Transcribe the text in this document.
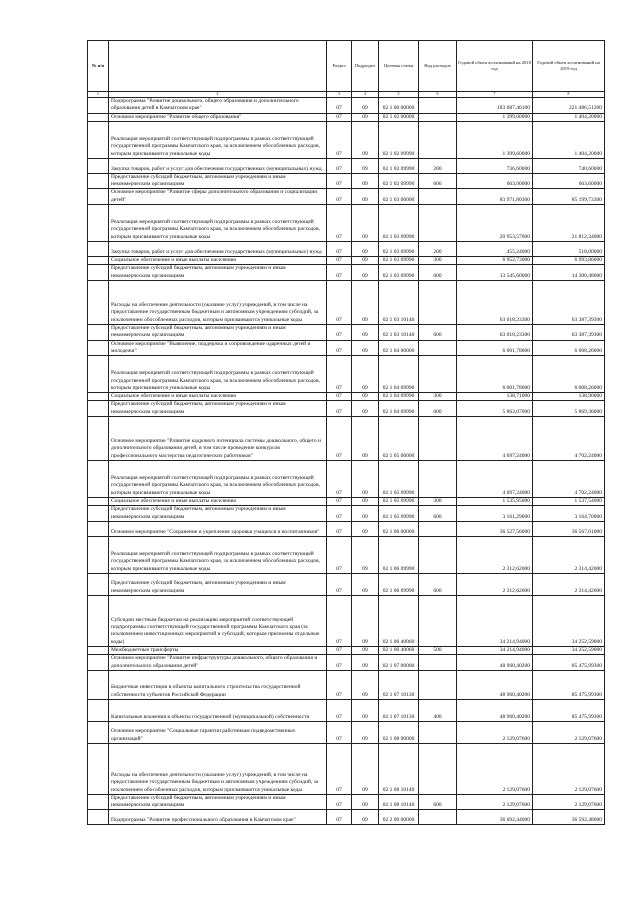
№ п/п		Раздел	Подраздел	Целевая статья	Вид расходов	Годовой объем ассигнований на 2018 год	Годовой объем ассигнований на 2019 год
1	2	3	4	5	6	7	8
	Подпрограмма "Развитие дошкольного, общего образования и дополнительного образования детей в Камчатском крае"	07	09	02 1 00 00000		183 687,46100	221 486,51200
	Основное мероприятие "Развитие общего образования"	07	09	02 1 02 00000		1 399,60000	1 404,20000
	Реализация мероприятий соответствующей подпрограммы в рамках соответствующей государственной программы Камчатского края, за исключением обособленных расходов, которым присваиваются уникальные коды	07	09	02 1 02 09990		1 399,60000	1 404,20000
	Закупка товаров, работ и услуг для обеспечения государственных (муниципальных) нужд	07	09	02 1 02 09990	200	736,60000	740,60000
	Предоставление субсидий бюджетным, автономным учреждениям и иным некоммерческим организациям	07	09	02 1 02 09990	600	663,00000	663,60000
	Основное мероприятие "Развитие сферы дополнительного образования и социализации детей"	07	09	02 1 03 00000		83 971,80300	85 199,73300
	Реализация мероприятий соответствующей подпрограммы в рамках соответствующей государственной программы Камчатского края, за исключением обособленных расходов, которым присваиваются уникальные коды	07	09	02 1 03 09990		20 953,57000	21 812,34000
	Закупка товаров, работ и услуг для обеспечения государственных (муниципальных) нужд	07	09	02 1 03 09990	200	455,24000	518,00000
	Социальное обеспечение и иные выплаты населению	07	09	02 1 03 09990	300	6 952,73000	6 993,86000
	Предоставление субсидий бюджетным, автономным учреждениям и иным некоммерческим организациям	07	09	02 1 03 09990	600	13 545,60000	14 300,48000
	Расходы на обеспечение деятельности (оказание услуг) учреждений, в том числе на предоставление государственным бюджетным и автономным учреждениям субсидий, за исключением обособленных расходов, которым присваиваются уникальные коды	07	09	02 1 03 10140		63 018,23300	63 387,39300
	Предоставление субсидий бюджетным, автономным учреждениям и иным некоммерческим организациям	07	09	02 1 03 10140	600	63 018,23300	63 387,39300
	Основное мероприятие "Выявление, поддержка и сопровождение одаренных детей и молодежи"	07	09	02 1 04 00000		6 001,78000	6 008,26000
	Реализация мероприятий соответствующей подпрограммы в рамках соответствующей государственной программы Камчатского края, за исключением обособленных расходов, которым присваиваются уникальные коды	07	09	02 1 04 09990		6 001,78000	6 008,26000
	Социальное обеспечение и иные выплаты населению	07	09	02 1 04 09990	300	138,71000	138,90000
	Предоставление субсидий бюджетным, автономным учреждениям и иным некоммерческим организациям	07	09	02 1 04 09990	600	5 863,07000	5 869,36000
	Основное мероприятие "Развитие кадрового потенциала системы дошкольного, общего и дополнительного образования детей, в том числе проведение конкурсов профессионального мастерства педагогических работников"	07	09	02 1 05 00000		4 697,24000	4 702,24000
	Реализация мероприятий соответствующей подпрограммы в рамках соответствующей государственной программы Камчатского края, за исключением обособленных расходов, которым присваиваются уникальные коды	07	09	02 1 05 09990		4 697,24000	4 702,24000
	Социальное обеспечение и иные выплаты населению	07	09	02 1 05 09990	300	1 535,95000	1 537,54000
	Предоставление субсидий бюджетным, автономным учреждениям и иным некоммерческим организациям	07	09	02 1 05 09990	600	3 161,29000	3 164,70000
	Основное мероприятие "Сохранение и укрепление здоровья учащихся и воспитанников"	07	09	02 1 06 00000		36 527,56000	36 567,01000
	Реализация мероприятий соответствующей подпрограммы в рамках соответствующей государственной программы Камчатского края, за исключением обособленных расходов, которым присваиваются уникальные коды	07	09	02 1 06 09990		2 312,62000	2 314,42000
	Предоставление субсидий бюджетным, автономным учреждениям и иным некоммерческим организациям	07	09	02 1 06 09990	600	2 312,62000	2 314,42000
	Субсидии местным бюджетам на реализацию мероприятий соответствующей подпрограммы соответствующей государственной программы Камчатского края (за исключением инвестиционных мероприятий и субсидий, которым присвоены отдельные коды)	07	09	02 1 06 40060		34 214,94000	34 252,59000
	Межбюджетные трансферты	07	09	02 1 06 40060	500	34 214,94000	34 252,59000
	Основное мероприятие "Развитие инфраструктуры дошкольного, общего образования и дополнительного образования детей"	07	09	02 1 07 00000		48 960,40200	85 475,99300
	Бюджетные инвестиции в объекты капитального строительства государственной собственности субъектов Российской Федерации	07	09	02 1 07 10130		48 960,40200	85 475,99300
	Капитальные вложения в объекты государственной (муниципальной) собственности	07	09	02 1 07 10130	400	48 960,40200	85 475,99300
	Основное мероприятие "Социальные гарантии работникам подведомственных организаций"	07	09	02 1 08 00000		2 129,07600	2 129,07600
	Расходы на обеспечение деятельности (оказание услуг) учреждений, в том числе на предоставление государственным бюджетным и автономным учреждениям субсидий, за исключением обособленных расходов, которым присваиваются уникальные коды	07	09	02 1 08 10140		2 129,07600	2 129,07600
	Предоставление субсидий бюджетным, автономным учреждениям и иным некоммерческим организациям	07	09	02 1 08 10140	600	2 129,07600	2 129,07600
	Подпрограмма "Развитие профессионального образования в Камчатском крае"	07	09	02 2 00 00000		36 692,44000	36 592,48000
